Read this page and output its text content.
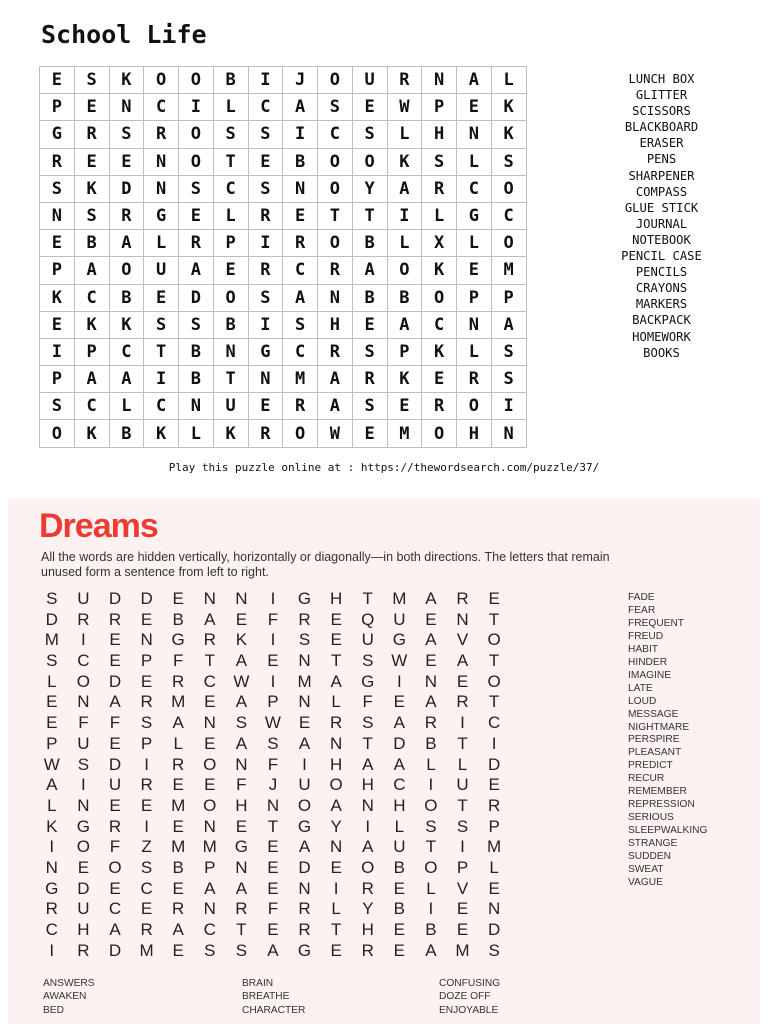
School Life
E	S	K	O	O	B	I	J	O	U	R	N	A	L
P	E	N	C	I	L	C	A	S	E	W	P	E	K
G	R	S	R	O	S	S	I	C	S	L	H	N	K
R	E	E	N	O	T	E	B	O	O	K	S	L	S
S	K	D	N	S	C	S	N	O	Y	A	R	C	O
N	S	R	G	E	L	R	E	T	T	I	L	G	C
E	B	A	L	R	P	I	R	O	B	L	X	L	O
P	A	O	U	A	E	R	C	R	A	O	K	E	M
K	C	B	E	D	O	S	A	N	B	B	O	P	P
E	K	K	S	S	B	I	S	H	E	A	C	N	A
I	P	C	T	B	N	G	C	R	S	P	K	L	S
P	A	A	I	B	T	N	M	A	R	K	E	R	S
S	C	L	C	N	U	E	R	A	S	E	R	O	I
O	K	B	K	L	K	R	O	W	E	M	O	H	N
LUNCH BOX
GLITTER
SCISSORS
BLACKBOARD
ERASER
PENS
SHARPENER
COMPASS
GLUE STICK
JOURNAL
NOTEBOOK
PENCIL CASE
PENCILS
CRAYONS
MARKERS
BACKPACK
HOMEWORK
BOOKS
Play this puzzle online at : https://thewordsearch.com/puzzle/37/
Dreams
All the words are hidden vertically, horizontally or diagonally—in both directions. The letters that remain unused form a sentence from left to right.
S	U	D	D	E	N	N	I	G	H	T	M	A	R	E
D	R	R	E	B	A	E	F	R	E	Q	U	E	N	T
M	I	E	N	G	R	K	I	S	E	U	G	A	V	O
S	C	E	P	F	T	A	E	N	T	S	W	E	A	T
L	O	D	E	R	C	W	I	M	A	G	I	N	E	O
E	N	A	R	M	E	A	P	N	L	F	E	A	R	T
E	F	F	S	A	N	S	W	E	R	S	A	R	I	C
P	U	E	P	L	E	A	S	A	N	T	D	B	T	I
W	S	D	I	R	O	N	F	I	H	A	A	L	L	D
A	I	U	R	E	E	F	J	U	O	H	C	I	U	E
L	N	E	E	M	O	H	N	O	A	N	H	O	T	R
K	G	R	I	E	N	E	T	G	Y	I	L	S	S	P
I	O	F	Z	M	M	G	E	A	N	A	U	T	I	M
N	E	O	S	B	P	N	E	D	E	O	B	O	P	L
G	D	E	C	E	A	A	E	N	I	R	E	L	V	E
R	U	C	E	R	N	R	F	R	L	Y	B	I	E	N
C	H	A	R	A	C	T	E	R	T	H	E	B	E	D
I	R	D	M	E	S	S	A	G	E	R	E	A	M	S
FADE
FEAR
FREQUENT
FREUD
HABIT
HINDER
IMAGINE
LATE
LOUD
MESSAGE
NIGHTMARE
PERSPIRE
PLEASANT
PREDICT
RECUR
REMEMBER
REPRESSION
SERIOUS
SLEEPWALKING
STRANGE
SUDDEN
SWEAT
VAGUE
ANSWERS
AWAKEN
BED
BRAIN
BREATHE
CHARACTER
CONFUSING
DOZE OFF
ENJOYABLE
